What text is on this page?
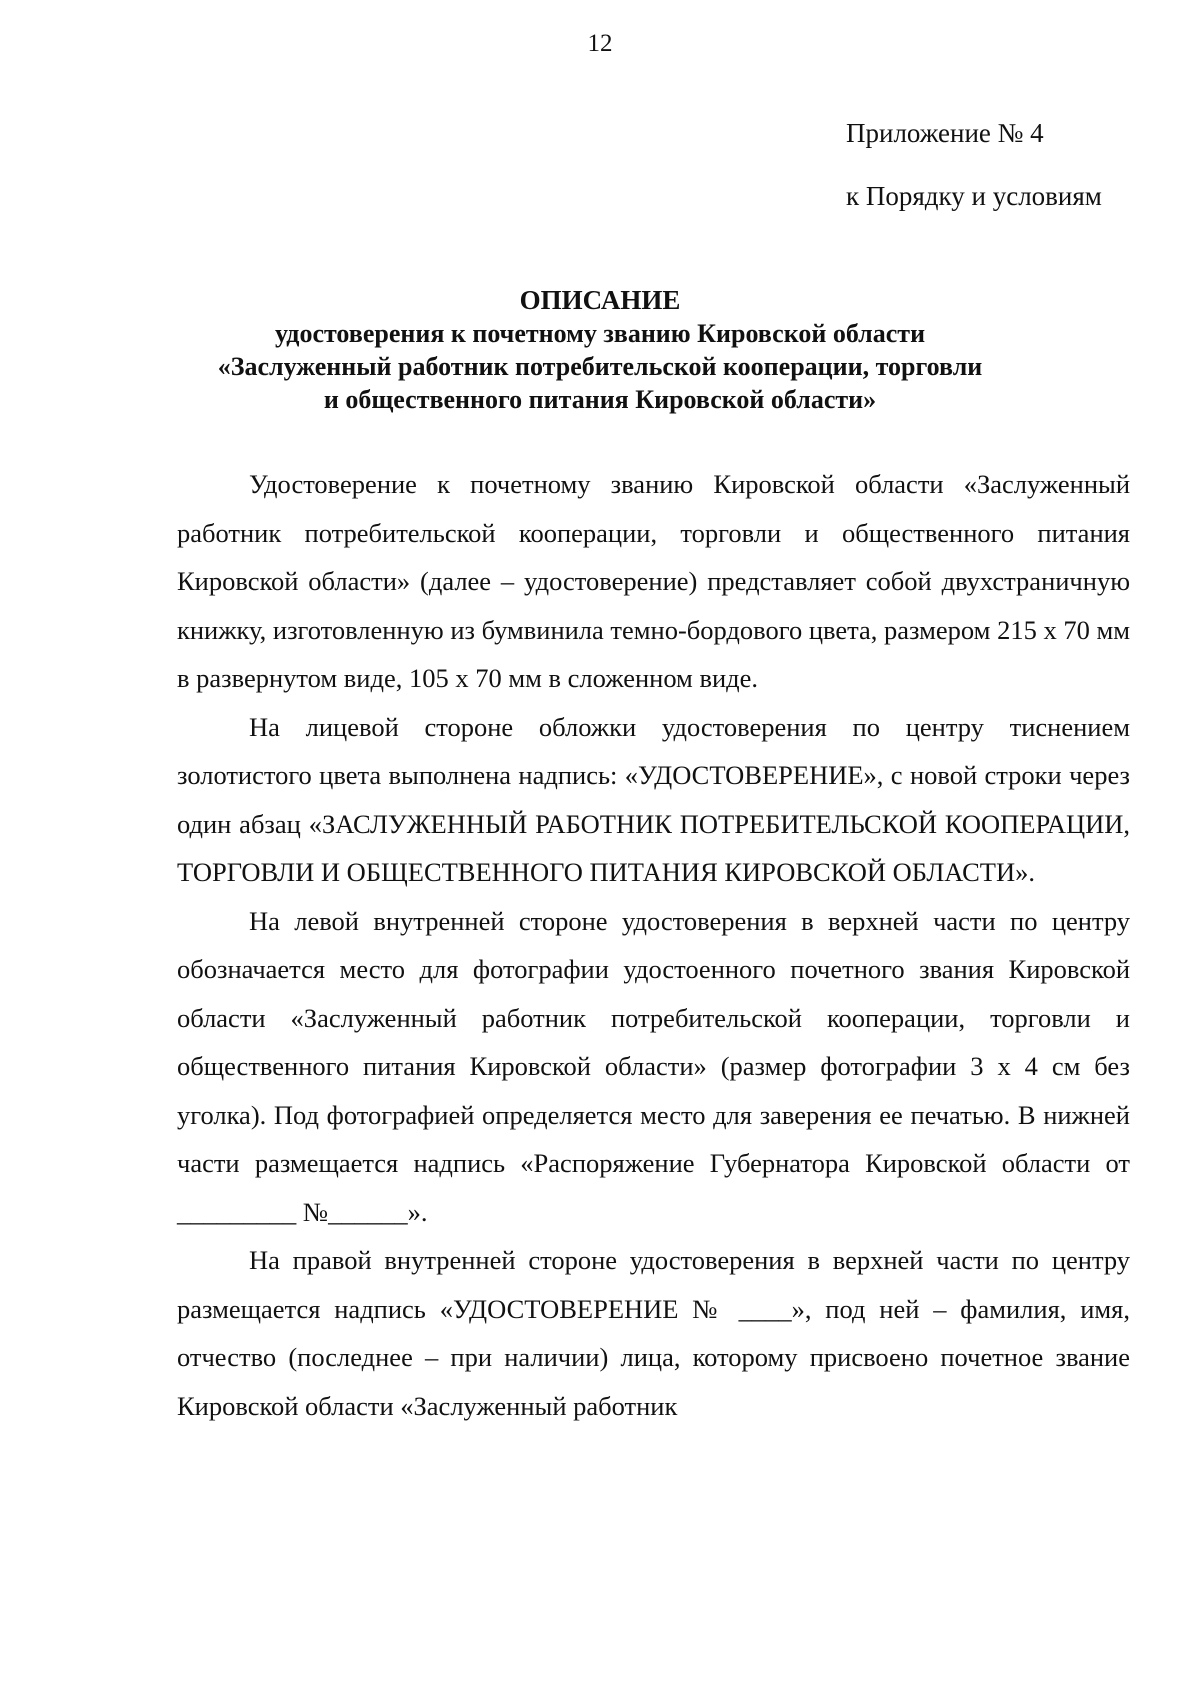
12
Приложение № 4
к Порядку и условиям
ОПИСАНИЕ
удостоверения к почетному званию Кировской области
«Заслуженный работник потребительской кооперации, торговли
и общественного питания Кировской области»

Удостоверение к почетному званию Кировской области «Заслуженный работник потребительской кооперации, торговли и общественного питания Кировской области» (далее – удостоверение) представляет собой двухстраничную книжку, изготовленную из бумвинила темно-бордового цвета, размером 215 х 70 мм в развернутом виде, 105 х 70 мм в сложенном виде.

На лицевой стороне обложки удостоверения по центру тиснением золотистого цвета выполнена надпись: «УДОСТОВЕРЕНИЕ», с новой строки через один абзац «ЗАСЛУЖЕННЫЙ РАБОТНИК ПОТРЕБИТЕЛЬСКОЙ КООПЕРАЦИИ, ТОРГОВЛИ И ОБЩЕСТВЕННОГО ПИТАНИЯ КИРОВСКОЙ ОБЛАСТИ».

На левой внутренней стороне удостоверения в верхней части по центру обозначается место для фотографии удостоенного почетного звания Кировской области «Заслуженный работник потребительской кооперации, торговли и общественного питания Кировской области» (размер фотографии 3 х 4 см без уголка). Под фотографией определяется место для заверения ее печатью. В нижней части размещается надпись «Распоряжение Губернатора Кировской области от _________ №______».

На правой внутренней стороне удостоверения в верхней части по центру размещается надпись «УДОСТОВЕРЕНИЕ № ____», под ней – фамилия, имя, отчество (последнее – при наличии) лица, которому присвоено почетное звание Кировской области «Заслуженный работник
